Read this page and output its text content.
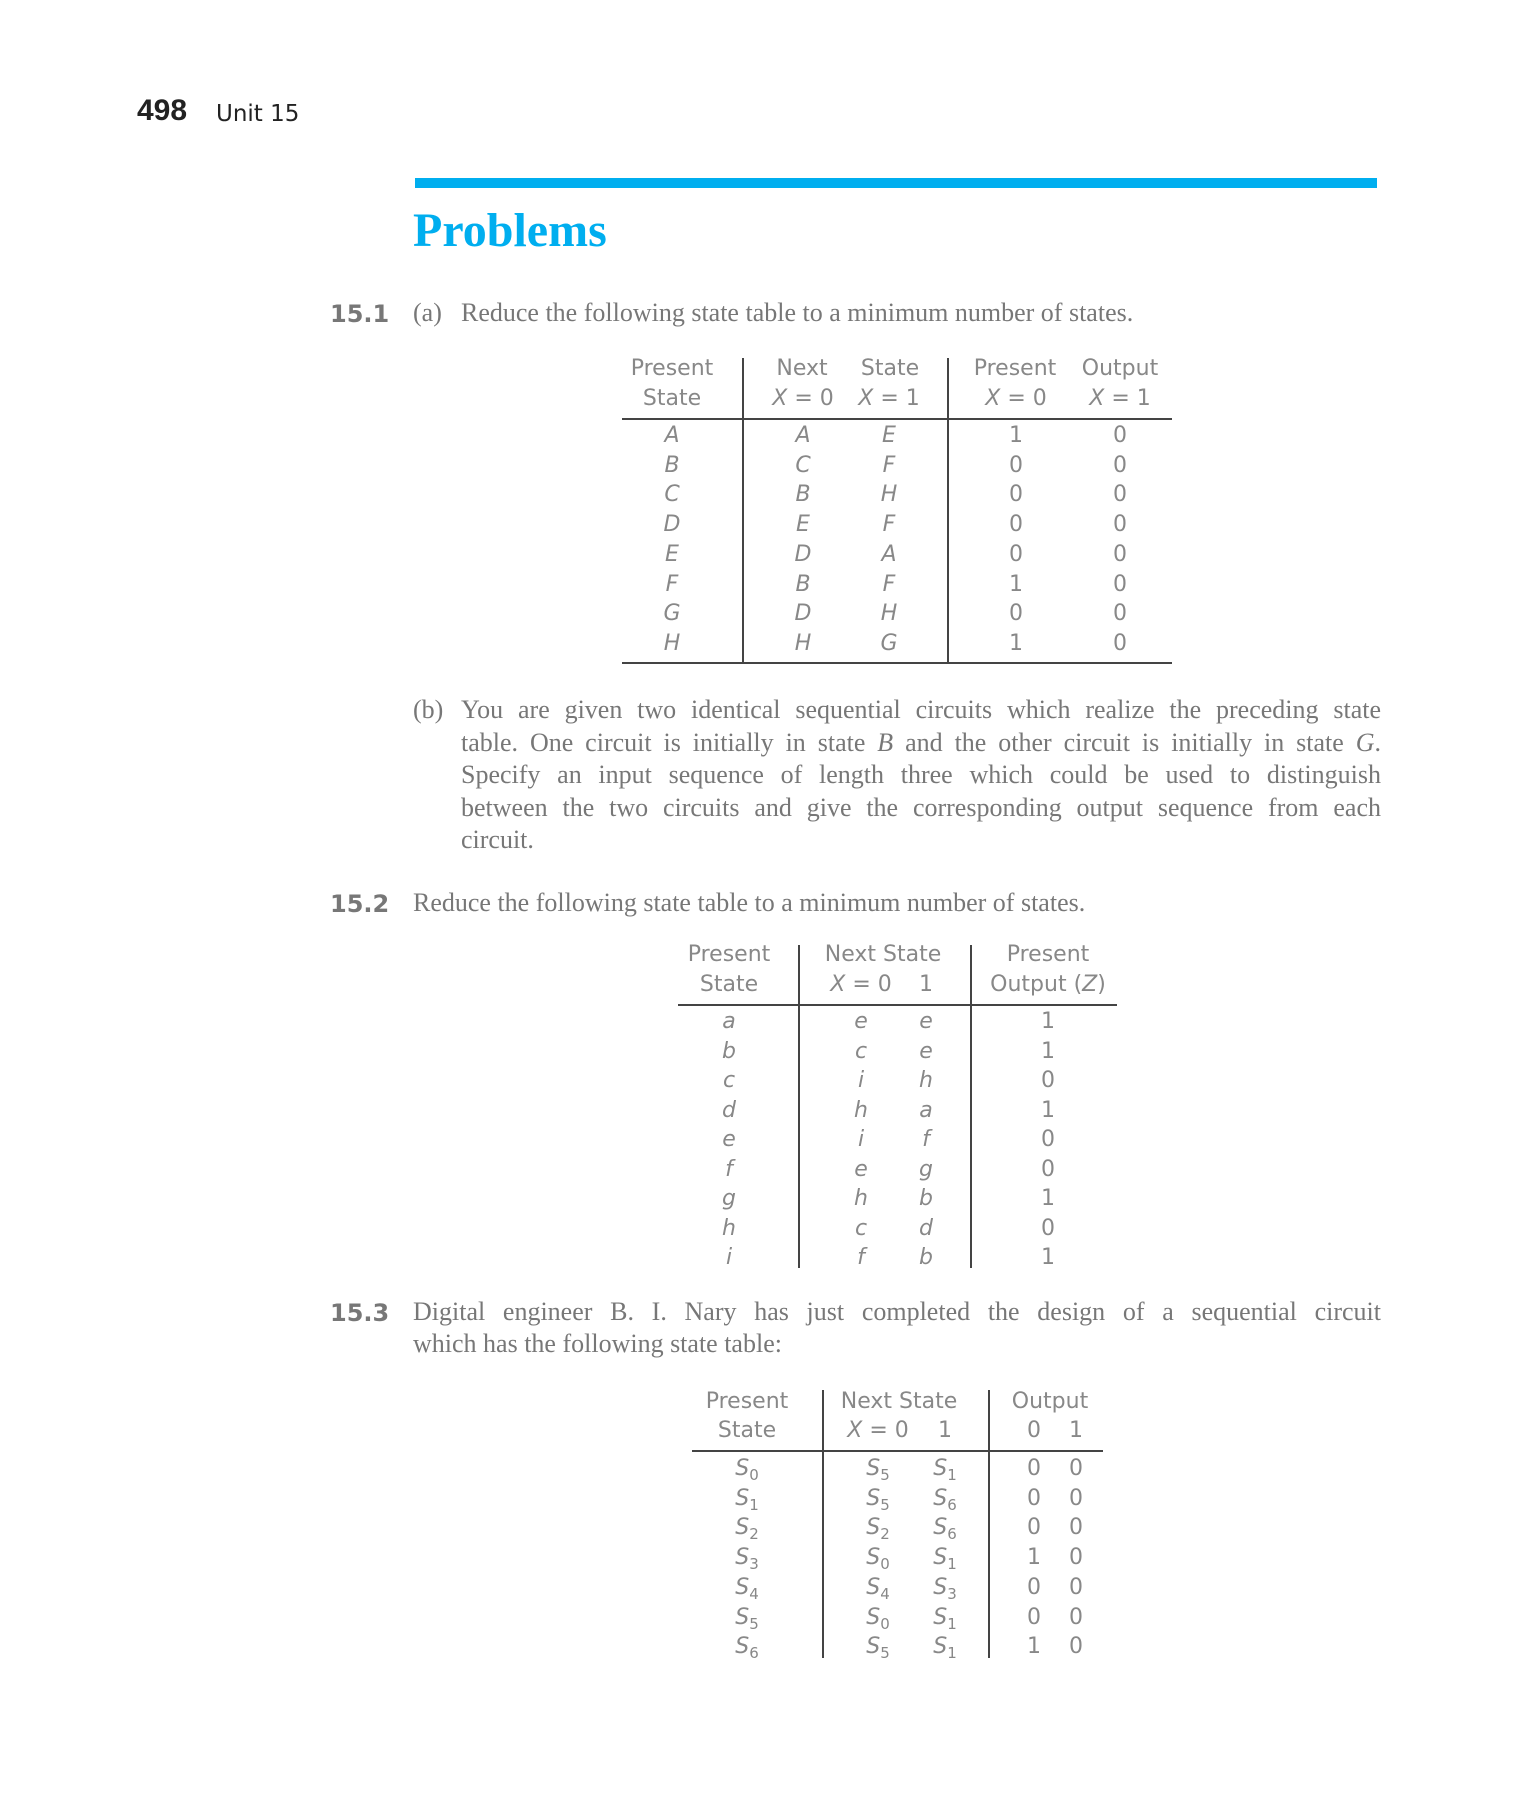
498 Unit 15
Problems
15.1 (a) Reduce the following state table to a minimum number of states.
Present	Next State Present Output
State	X = 0 X = 1	X = 0 X = 1
A	A	E	1	0
B	C	F	0	0
C	B	H	0	0
D	E	F	0	0
E	D	A	0	0
F	B	F	1	0
G	D	H	0	0
H	H	G	1	0
(b) You are given two identical sequential circuits which realize the preceding state
table. One circuit is initially in state B and the other circuit is initially in state G.
Specify an input sequence of length three which could be used to distinguish
between the two circuits and give the corresponding output sequence from each
circuit.
15.2 Reduce the following state table to a minimum number of states.
Present Next State	Present
State	X = 0 1	Output (Z)
a	e e	1
b	c e	1
c	i h	0
d	h a	1
e	i	f	0
f	e g	0
g	h b	1
h	c d	0
i	f b	1
15.3 Digital engineer B. I. Nary has just completed the design of a sequential circuit
which has the following state table:
Present Next State Output
State	X = 0 1	0 1
$S_0$	$S_5$ $S_1$	0 0
$S_1$	$S_5$ $S_6$	0 0
$S_2$	$S_2$ $S_6$	0 0
$S_3$	$S_0$ $S_1$	1 0
$S_4$	$S_4$ $S_3$	0 0
$S_5$	$S_0$ $S_1$	0 0
$S_6$	$S_5$ $S_1$	1 0
